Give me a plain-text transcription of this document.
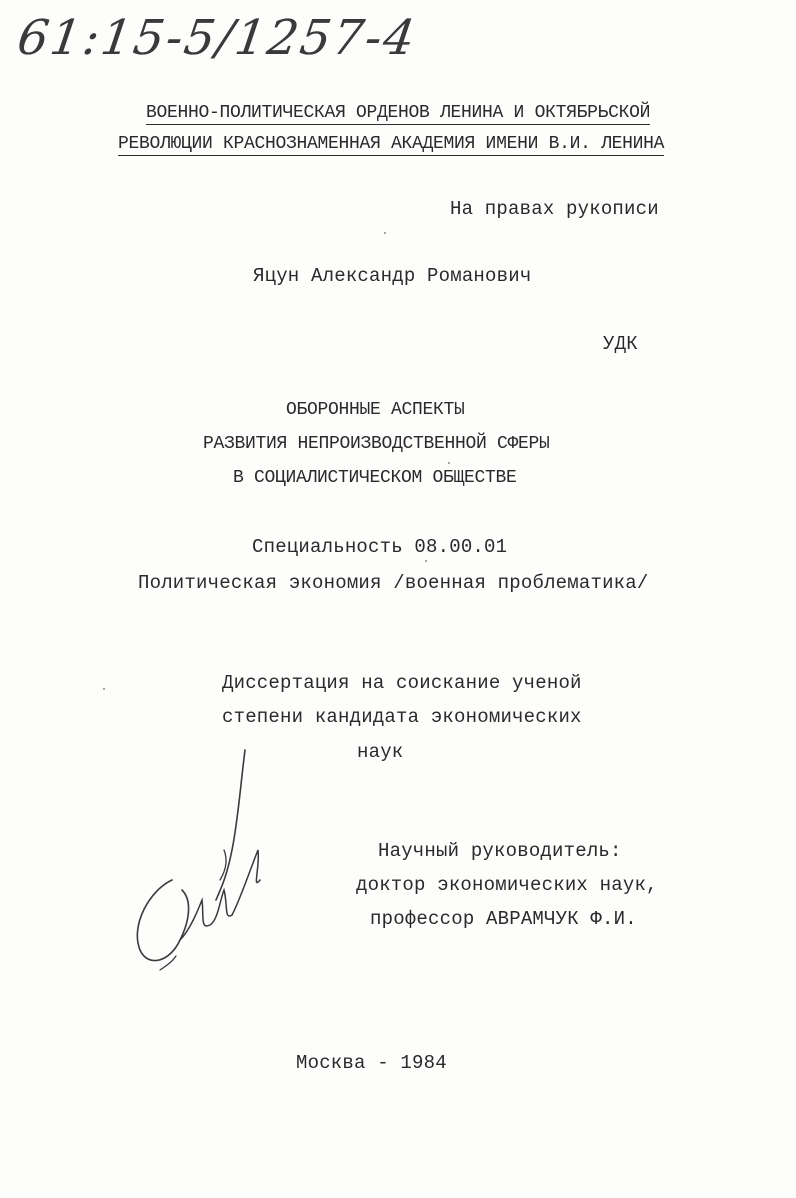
61:15-5/1257-4
ВОЕННО-ПОЛИТИЧЕСКАЯ ОРДЕНОВ ЛЕНИНА И ОКТЯБРЬСКОЙ
РЕВОЛЮЦИИ КРАСНОЗНАМЕННАЯ АКАДЕМИЯ ИМЕНИ В.И. ЛЕНИНА
На правах рукописи
Яцун Александр Романович
УДК
ОБОРОННЫЕ АСПЕКТЫ
РАЗВИТИЯ НЕПРОИЗВОДСТВЕННОЙ СФЕРЫ
В СОЦИАЛИСТИЧЕСКОМ ОБЩЕСТВЕ
Специальность 08.00.01
Политическая экономия /военная проблематика/
Диссертация на соискание ученой
степени кандидата экономических
наук
Научный руководитель:
доктор экономических наук,
профессор АВРАМЧУК Ф.И.
Москва - 1984
